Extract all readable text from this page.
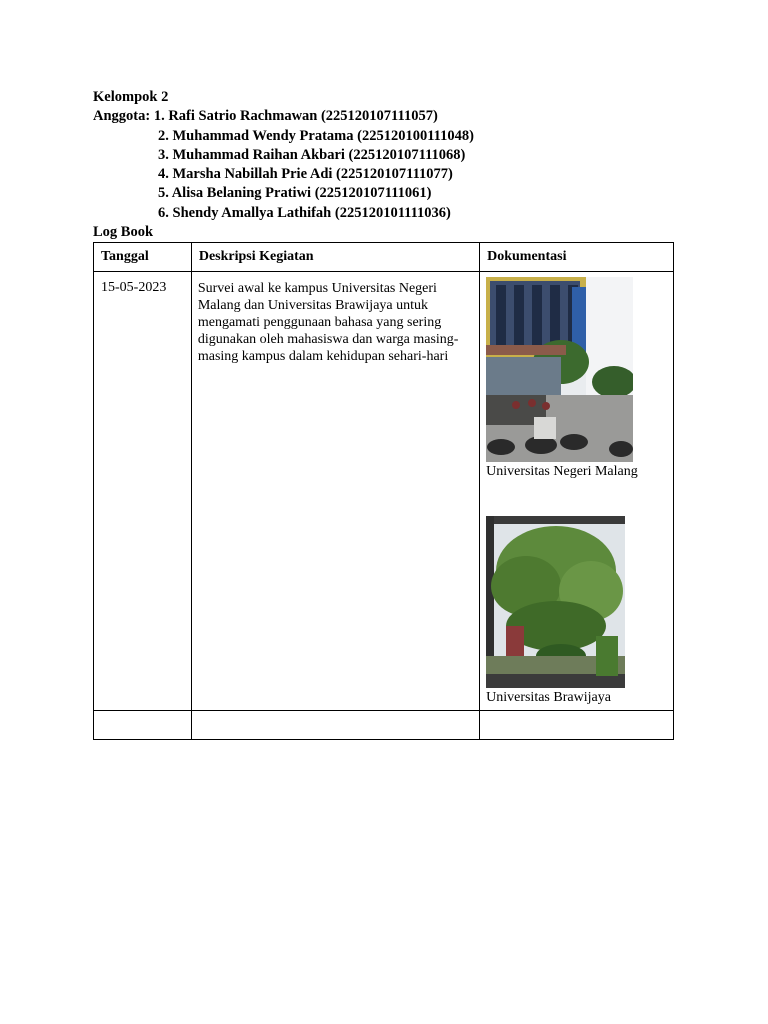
Kelompok 2
Anggota: 1. Rafi Satrio Rachmawan (225120107111057)
2. Muhammad Wendy Pratama (225120100111048)
3. Muhammad Raihan Akbari (225120107111068)
4. Marsha Nabillah Prie Adi (225120107111077)
5. Alisa Belaning Pratiwi (225120107111061)
6. Shendy Amallya Lathifah (225120101111036)
Log Book
Tanggal	Deskripsi Kegiatan	Dokumentasi
15-05-2023	Survei awal ke kampus Universitas Negeri Malang dan Universitas Brawijaya untuk mengamati penggunaan bahasa yang sering digunakan oleh mahasiswa dan warga masing-masing kampus dalam kehidupan sehari-hari	Universitas Negeri Malang
Universitas Brawijaya
